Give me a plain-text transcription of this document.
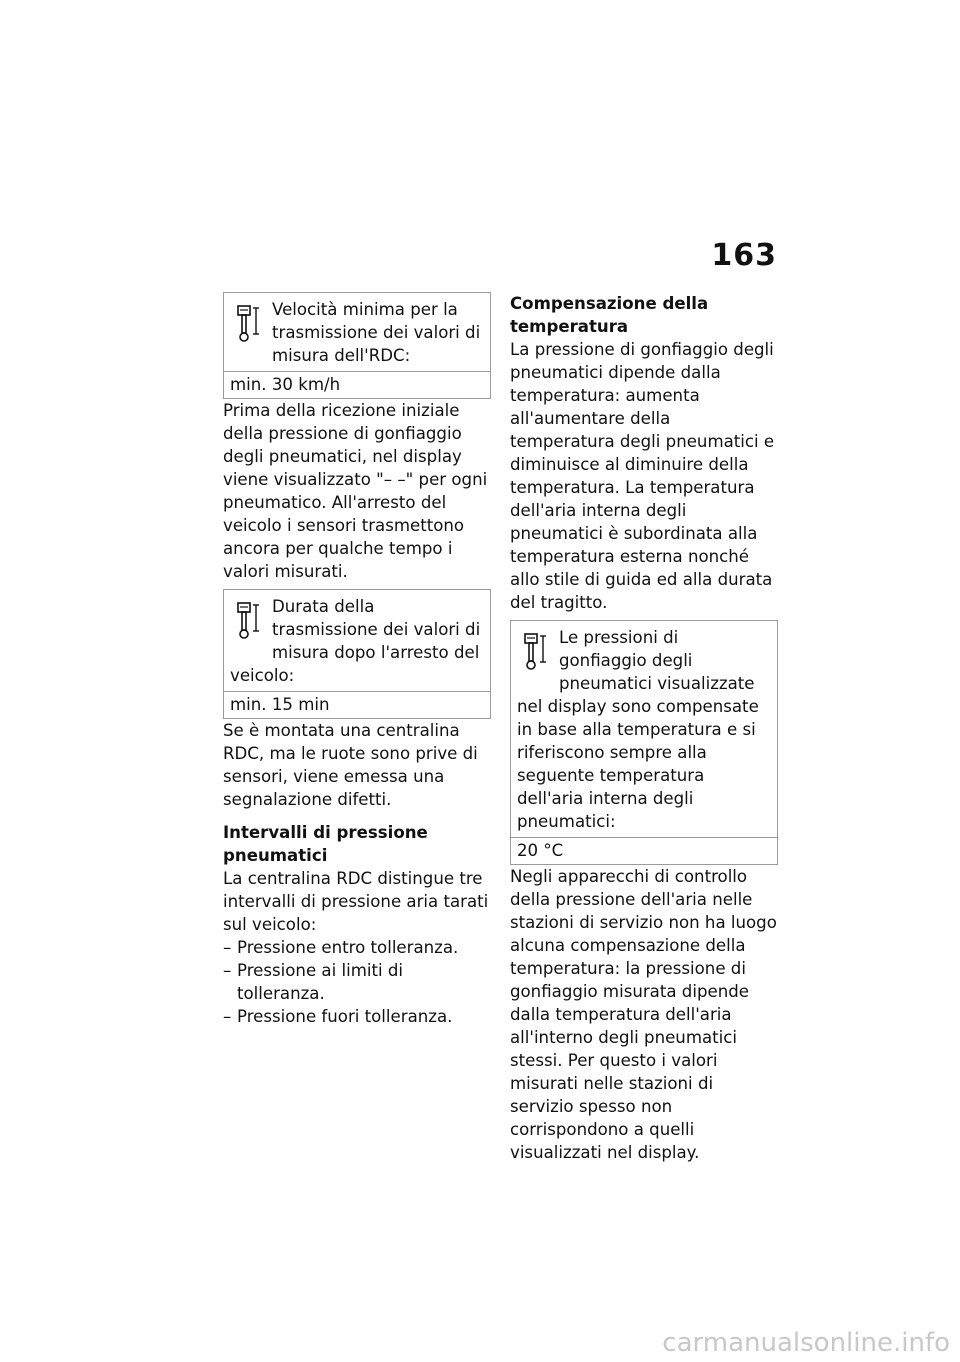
163
Velocità minima per la trasmissione dei valori di misura dell'RDC:
min. 30 km/h

Prima della ricezione iniziale della pressione di gonfiaggio degli pneumatici, nel display viene visualizzato "– –" per ogni pneumatico. All'arresto del veicolo i sensori trasmettono ancora per qualche tempo i valori misurati.

Durata della trasmissione dei valori di misura dopo l'arresto del veicolo:
min. 15 min

Se è montata una centralina RDC, ma le ruote sono prive di sensori, viene emessa una segnalazione difetti.

Intervalli di pressione pneumatici

La centralina RDC distingue tre intervalli di pressione aria tarati sul veicolo:

– Pressione entro tolleranza.
– Pressione ai limiti di tolleranza.
– Pressione fuori tolleranza.
Compensazione della temperatura

La pressione di gonfiaggio degli pneumatici dipende dalla temperatura: aumenta all'aumentare della temperatura degli pneumatici e diminuisce al diminuire della temperatura. La temperatura dell'aria interna degli pneumatici è subordinata alla temperatura esterna nonché allo stile di guida ed alla durata del tragitto.

Le pressioni di gonfiaggio degli pneumatici visualizzate nel display sono compensate in base alla temperatura e si riferiscono sempre alla seguente temperatura dell'aria interna degli pneumatici:
20 °C

Negli apparecchi di controllo della pressione dell'aria nelle stazioni di servizio non ha luogo alcuna compensazione della temperatura: la pressione di gonfiaggio misurata dipende dalla temperatura dell'aria all'interno degli pneumatici stessi. Per questo i valori misurati nelle stazioni di servizio spesso non corrispondono a quelli visualizzati nel display.

carmanualsonline.info
